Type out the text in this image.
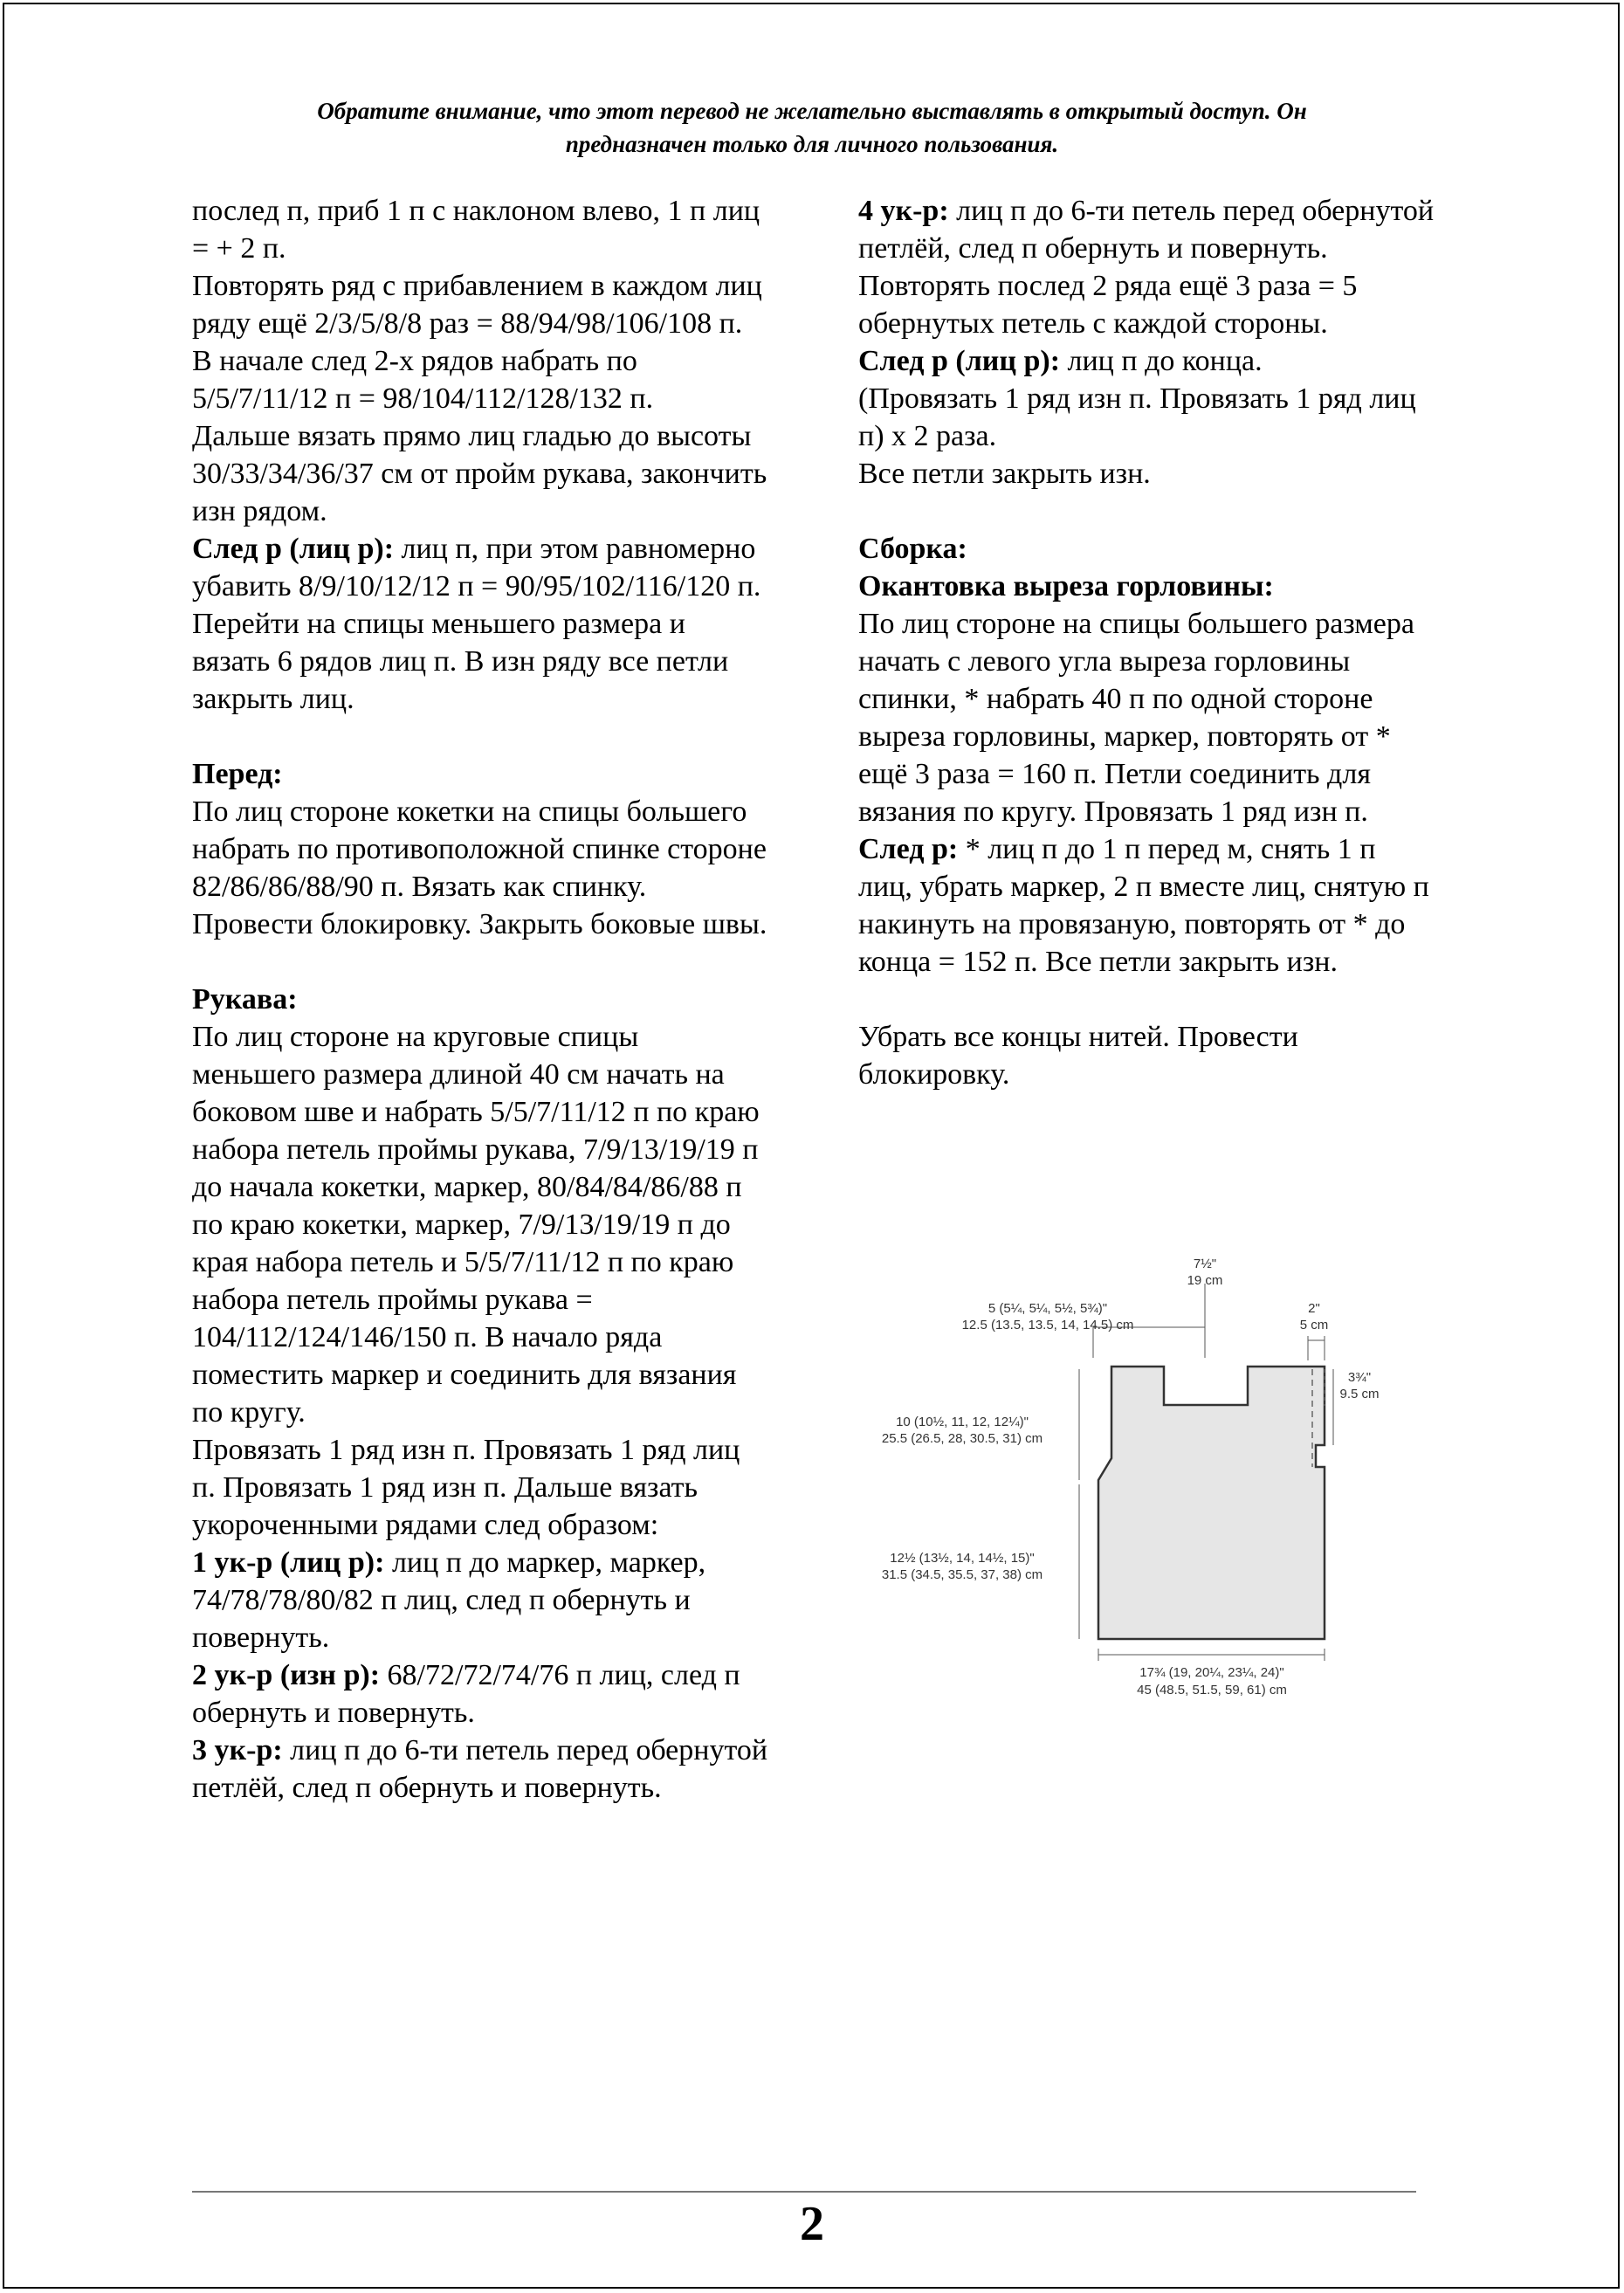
Обратите внимание, что этот перевод не желательно выставлять в открытый доступ. Он
предназначен только для личного пользования.

послед п, приб 1 п с наклоном влево, 1 п лиц = + 2 п.

Повторять ряд с прибавлением в каждом лиц ряду ещё 2/3/5/8/8 раз = 88/94/98/106/108 п.

В начале след 2-х рядов набрать по 5/5/7/11/12 п = 98/104/112/128/132 п.

Дальше вязать прямо лиц гладью до высоты 30/33/34/36/37 см от пройм рукава, закончить изн рядом.

След р (лиц р): лиц п, при этом равномерно убавить 8/9/10/12/12 п = 90/95/102/116/120 п.

Перейти на спицы меньшего размера и вязать 6 рядов лиц п. В изн ряду все петли закрыть лиц.

Перед:

По лиц стороне кокетки на спицы большего набрать по противоположной спинке стороне 82/86/86/88/90 п. Вязать как спинку.

Провести блокировку. Закрыть боковые швы.

Рукава:

По лиц стороне на круговые спицы меньшего размера длиной 40 см начать на боковом шве и набрать 5/5/7/11/12 п по краю набора петель проймы рукава, 7/9/13/19/19 п до начала кокетки, маркер, 80/84/84/86/88 п по краю кокетки, маркер, 7/9/13/19/19 п до края набора петель и 5/5/7/11/12 п по краю набора петель проймы рукава = 104/112/124/146/150 п. В начало ряда поместить маркер и соединить для вязания по кругу.

Провязать 1 ряд изн п. Провязать 1 ряд лиц п. Провязать 1 ряд изн п. Дальше вязать укороченными рядами след образом:

1 ук-р (лиц р): лиц п до маркер, маркер, 74/78/78/80/82 п лиц, след п обернуть и повернуть.

2 ук-р (изн р): 68/72/72/74/76 п лиц, след п обернуть и повернуть.

3 ук-р: лиц п до 6-ти петель перед обернутой петлёй, след п обернуть и повернуть.

4 ук-р: лиц п до 6-ти петель перед обернутой петлёй, след п обернуть и повернуть.

Повторять послед 2 ряда ещё 3 раза = 5 обернутых петель с каждой стороны.

След р (лиц р): лиц п до конца.

(Провязать 1 ряд изн п. Провязать 1 ряд лиц п) х 2 раза.

Все петли закрыть изн.

Сборка:

Окантовка выреза горловины:

По лиц стороне на спицы большего размера начать с левого угла выреза горловины спинки, * набрать 40 п по одной стороне выреза горловины, маркер, повторять от * ещё 3 раза = 160 п. Петли соединить для вязания по кругу. Провязать 1 ряд изн п.

След р: * лиц п до 1 п перед м, снять 1 п лиц, убрать маркер, 2 п вместе лиц, снятую п накинуть на провязаную, повторять от * до конца = 152 п. Все петли закрыть изн.

Убрать все концы нитей. Провести блокировку.

7½"
19 cm
5 (5¼, 5¼, 5½, 5¾)"
12.5 (13.5, 13.5, 14, 14.5) cm
2"
5 cm
3¾"
9.5 cm
10 (10½, 11, 12, 12¼)"
25.5 (26.5, 28, 30.5, 31) cm
12½ (13½, 14, 14½, 15)"
31.5 (34.5, 35.5, 37, 38) cm
17¾ (19, 20¼, 23¼, 24)"
45 (48.5, 51.5, 59, 61) cm
2
